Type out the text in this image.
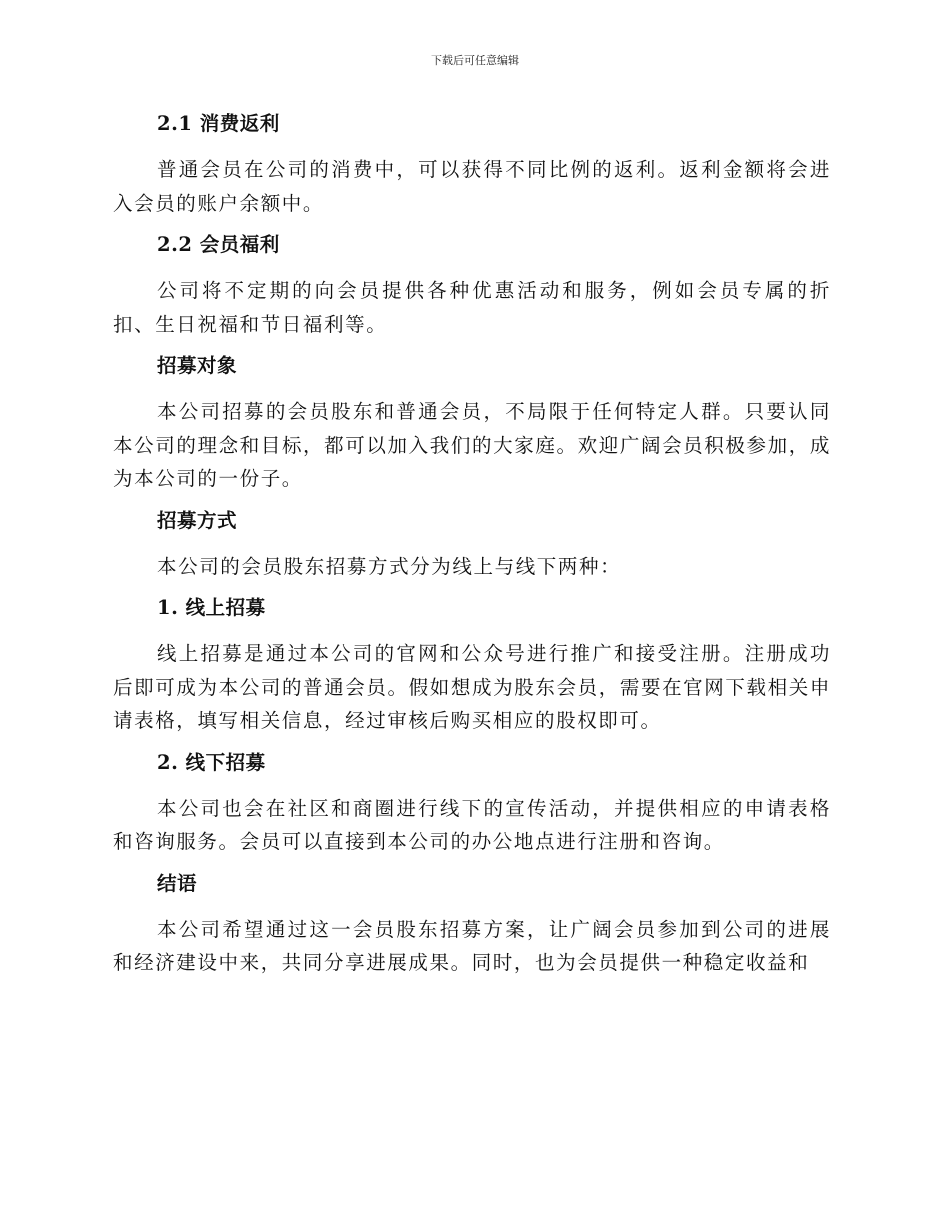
下载后可任意编辑

2.1 消费返利

普通会员在公司的消费中，可以获得不同比例的返利。返利金额将会进入会员的账户余额中。

2.2 会员福利

公司将不定期的向会员提供各种优惠活动和服务，例如会员专属的折扣、生日祝福和节日福利等。

招募对象

本公司招募的会员股东和普通会员，不局限于任何特定人群。只要认同本公司的理念和目标，都可以加入我们的大家庭。欢迎广阔会员积极参加，成为本公司的一份子。

招募方式

本公司的会员股东招募方式分为线上与线下两种：

1. 线上招募

线上招募是通过本公司的官网和公众号进行推广和接受注册。注册成功后即可成为本公司的普通会员。假如想成为股东会员，需要在官网下载相关申请表格，填写相关信息，经过审核后购买相应的股权即可。

2. 线下招募

本公司也会在社区和商圈进行线下的宣传活动，并提供相应的申请表格和咨询服务。会员可以直接到本公司的办公地点进行注册和咨询。

结语

本公司希望通过这一会员股东招募方案，让广阔会员参加到公司的进展和经济建设中来，共同分享进展成果。同时，也为会员提供一种稳定收益和
